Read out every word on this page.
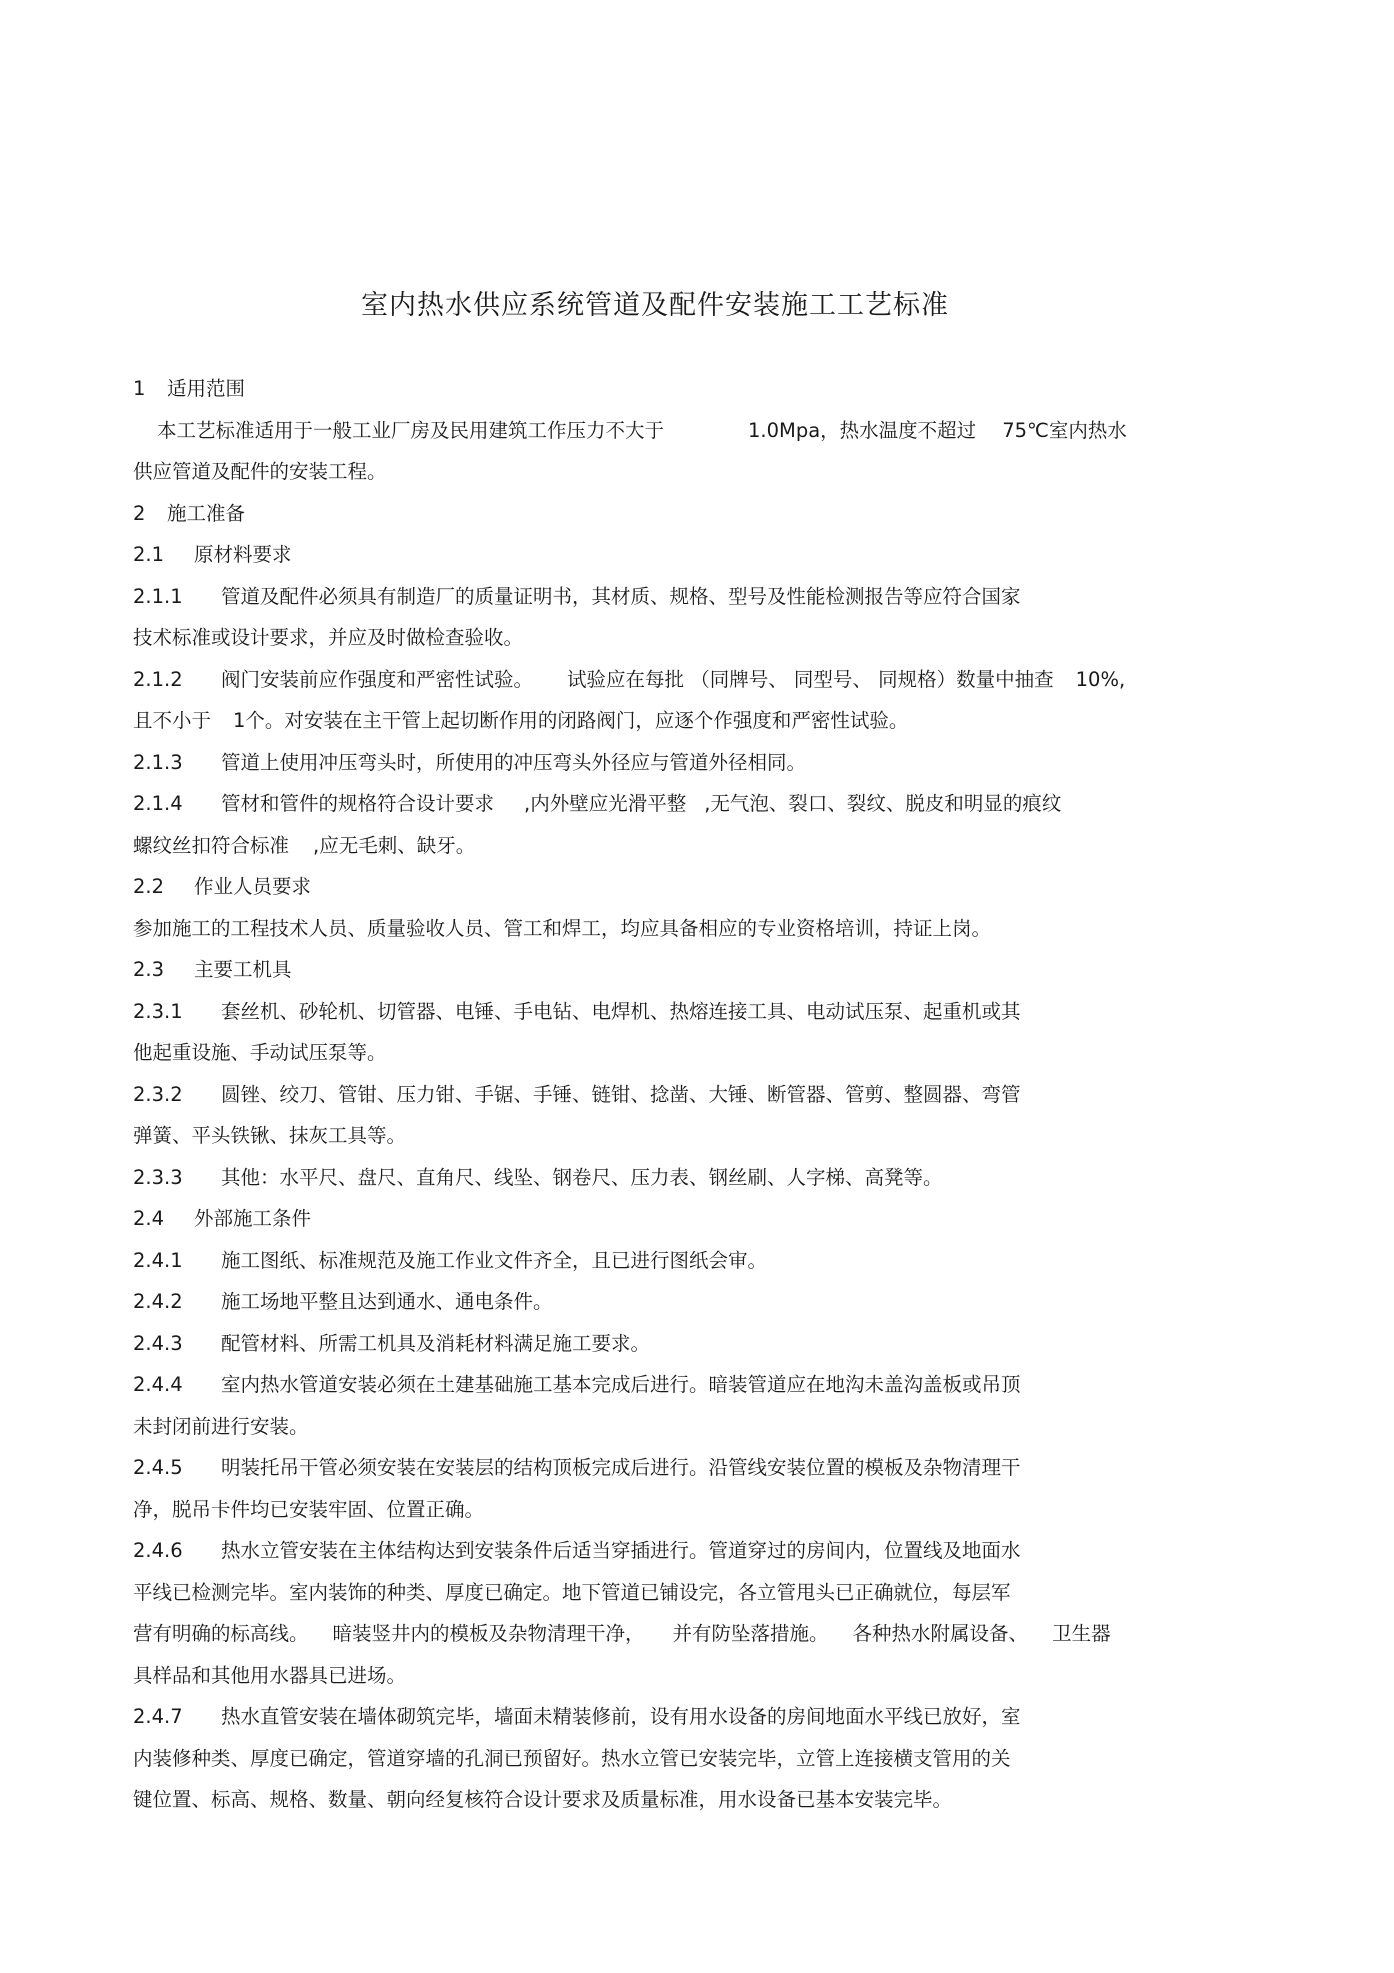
室内热水供应系统管道及配件安装施工工艺标准
1 适用范围
本工艺标准适用于一般工业厂房及民用建筑工作压力不大于	1.0Mpa，热水温度不超过 75℃室内热水
供应管道及配件的安装工程。
2 施工准备
2.1 原材料要求
2.1.1 管道及配件必须具有制造厂的质量证明书，其材质、规格、型号及性能检测报告等应符合国家
技术标准或设计要求，并应及时做检查验收。
2.1.2 阀门安装前应作强度和严密性试验。 试验应在每批 （同牌号、 同型号、 同规格）数量中抽查 10%,
且不小于 1个。对安装在主干管上起切断作用的闭路阀门，应逐个作强度和严密性试验。
2.1.3 管道上使用冲压弯头时，所使用的冲压弯头外径应与管道外径相同。
2.1.4 管材和管件的规格符合设计要求 ,内外壁应光滑平整 ,无气泡、裂口、裂纹、脱皮和明显的痕纹
螺纹丝扣符合标准 ,应无毛刺、缺牙。
2.2 作业人员要求
参加施工的工程技术人员、质量验收人员、管工和焊工，均应具备相应的专业资格培训，持证上岗。
2.3 主要工机具
2.3.1 套丝机、砂轮机、切管器、电锤、手电钻、电焊机、热熔连接工具、电动试压泵、起重机或其
他起重设施、手动试压泵等。
2.3.2 圆锉、绞刀、管钳、压力钳、手锯、手锤、链钳、捻凿、大锤、断管器、管剪、整圆器、弯管
弹簧、平头铁锹、抹灰工具等。
2.3.3 其他：水平尺、盘尺、直角尺、线坠、钢卷尺、压力表、钢丝刷、人字梯、高凳等。
2.4 外部施工条件
2.4.1 施工图纸、标准规范及施工作业文件齐全，且已进行图纸会审。
2.4.2 施工场地平整且达到通水、通电条件。
2.4.3 配管材料、所需工机具及消耗材料满足施工要求。
2.4.4 室内热水管道安装必须在土建基础施工基本完成后进行。暗装管道应在地沟未盖沟盖板或吊顶
未封闭前进行安装。
2.4.5 明装托吊干管必须安装在安装层的结构顶板完成后进行。沿管线安装位置的模板及杂物清理干
净，脱吊卡件均已安装牢固、位置正确。
2.4.6 热水立管安装在主体结构达到安装条件后适当穿插进行。管道穿过的房间内，位置线及地面水
平线已检测完毕。室内装饰的种类、厚度已确定。地下管道已铺设完，各立管甩头已正确就位，每层军
营有明确的标高线。 暗装竖井内的模板及杂物清理干净， 并有防坠落措施。 各种热水附属设备、 卫生器
具样品和其他用水器具已进场。
2.4.7 热水直管安装在墙体砌筑完毕，墙面未精装修前，设有用水设备的房间地面水平线已放好，室
内装修种类、厚度已确定，管道穿墙的孔洞已预留好。热水立管已安装完毕，立管上连接横支管用的关
键位置、标高、规格、数量、朝向经复核符合设计要求及质量标准，用水设备已基本安装完毕。
